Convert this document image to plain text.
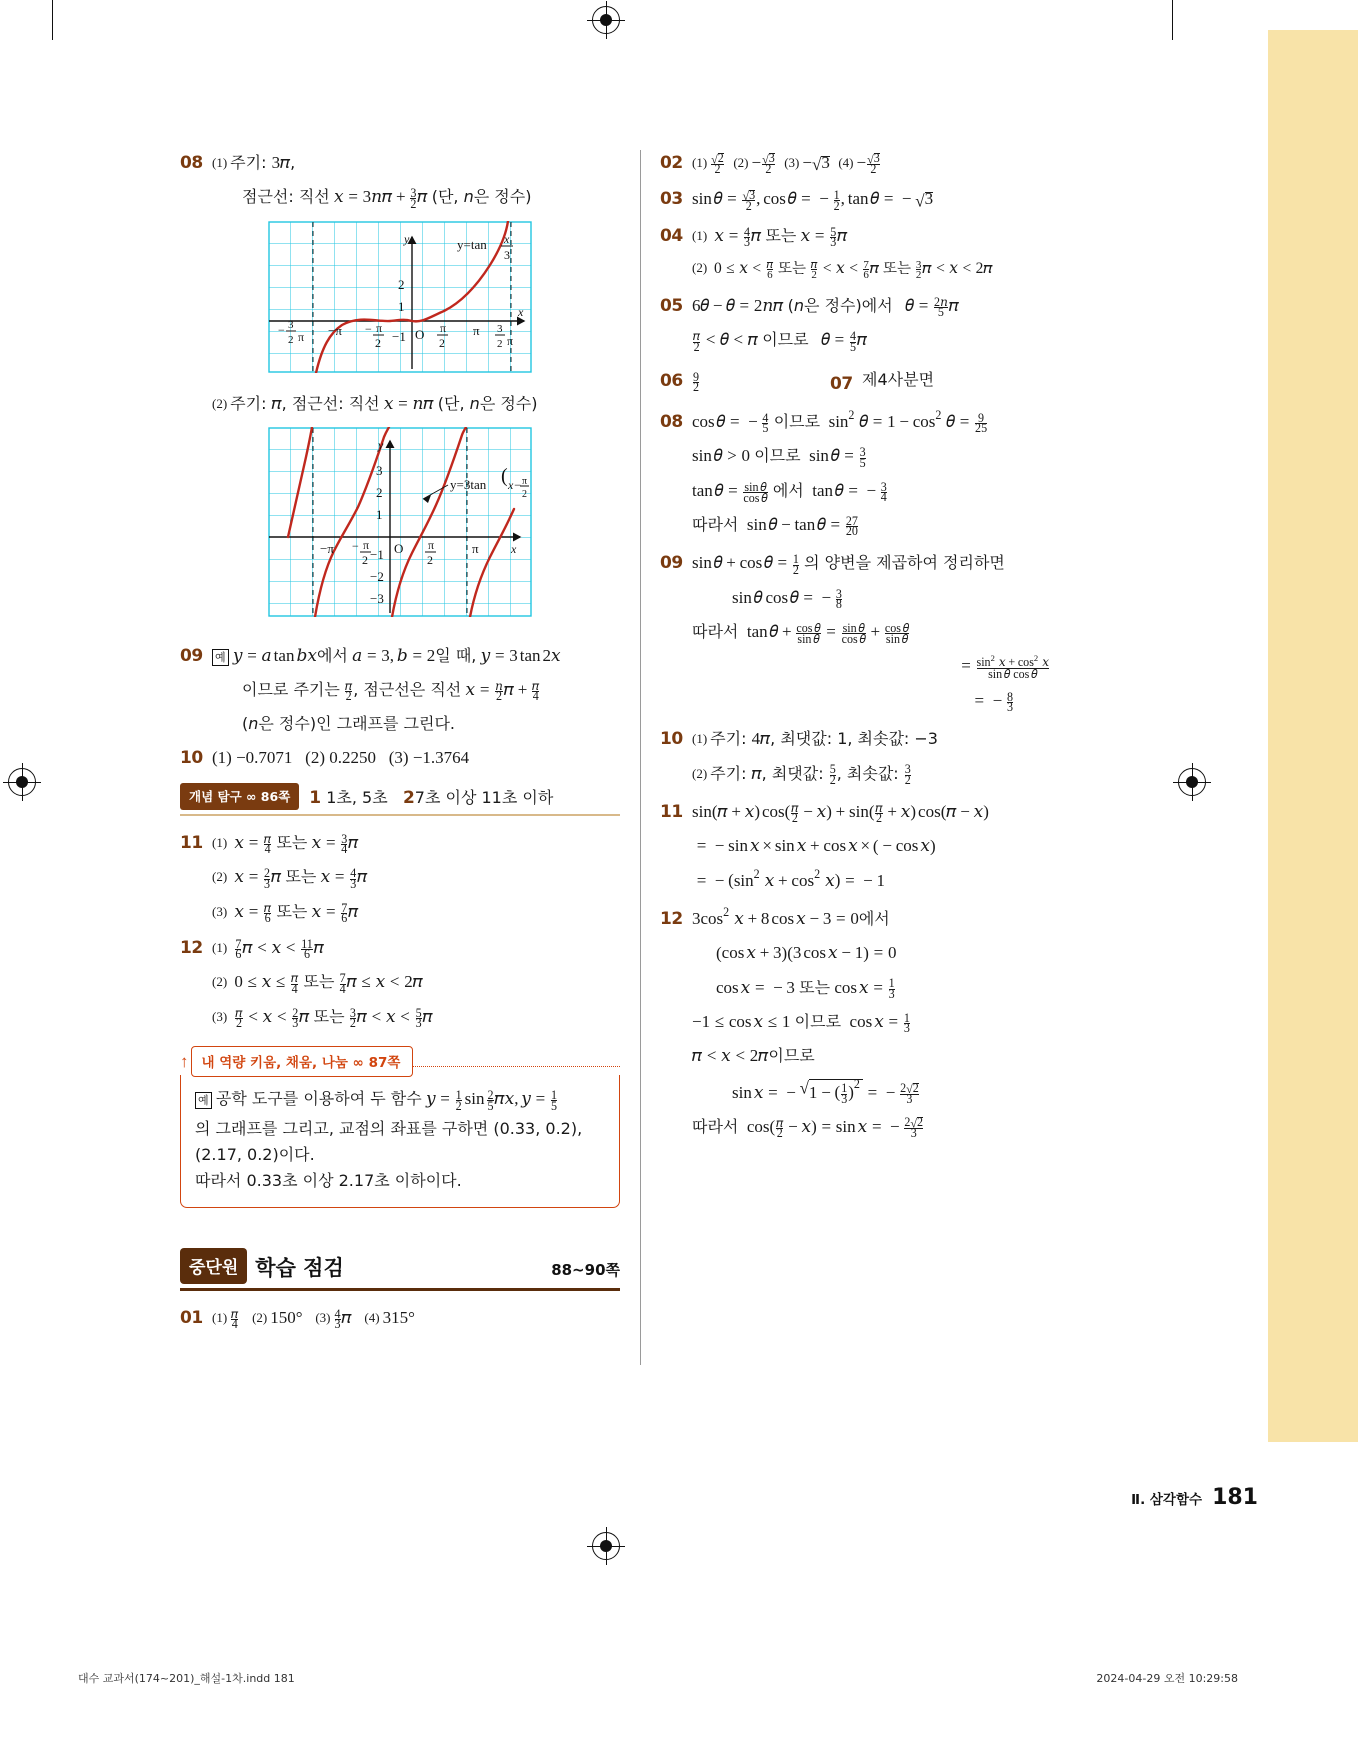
08 (1) 주기: 3 π ,
점근선: 직선 x = 3 n π + 3
2 π (단, n은 정수)
y	y=tan x
3
2
1
O
−1
− 3
2 π −π − π
2
π
2
π 3
2 π
x
(2) 주기: π , 점근선: 직선 x = n π (단, n은 정수)
y=3tan ( x− π
2
y
3
2
1
−1
−2
−3
−π − π
2
O π
2
π	x
09	예 y = a tan b x 에서 a = 3 , b = 2 일 때, y = 3 tan 2 x
이므로 주기는 π
2 , 점근선은 직선 x = n
2 π + π
4
(n은 정수)인 그래프를 그린다.
10 (1) −0.7071 (2) 0.2250 (3) −1.3764
개념 탐구 ∞ 86쪽	1 1초, 5초 27초 이상 11초 이하
11 (1) x = π
4 또는 x = 3
4 π
(2) x = 2
3 π 또는 x = 4
3 π
(3) x = π
6 또는 x = 7
6 π
12 (1) 7
6 π < x < 11
6 π
(2) 0 ≤ x ≤ π
4 또는 7
4 π ≤ x < 2 π
(3) π
2 < x < 2
3 π 또는 3
2 π < x < 5
3 π
↑ 내 역량 키움, 채움, 나눔 ∞ 87쪽
예 공학 도구를 이용하여 두 함수 y = 1
2 sin 2
5 π x , y = 1
5
의 그래프를 그리고, 교점의 좌표를 구하면 (0.33, 0.2),
(2.17, 0.2)이다.
따라서 0.33초 이상 2.17초 이하이다.
중단원 학습 점검	88~90쪽
01 (1) π
4 (2) 150 ° (3) 4
3 π (4) 315 °
02 (1) 2
2 (2) − 3
2 (3) − 3 (4) − 3
2
03 sin θ = 3
2 , cos θ = − 1
2 , tan θ = − 3
04 (1) x = 4
3 π 또는 x = 5
3 π
(2) 0 ≤ x < π
6 또는 π
2 < x < 7
6 π 또는 3
2 π < x < 2 π
05 6 θ − θ = 2 n π (n은 정수)에서 θ = 2 n
5 π
𝜋
2 < θ < π 이므로 θ = 4
5 π
06 9
2	07 제4사분면
08 cos θ = − 4
5 이므로 sin 2 θ = 1 − cos 2 θ = 9
25
sin θ > 0 이므로 sin θ = 3
5
tan θ = sin θ
cos θ 에서 tan θ = − 3
4
따라서 sin θ − tan θ = 27
20
09 sin θ + cos θ = 1
2 의 양변을 제곱하여 정리하면
sin θ cos θ = − 3
8
따라서 tan θ + cos θ
sin θ = sin θ
cos θ + cos θ
sin θ
= sin 2 x + cos 2 x
sin θ cos θ
= − 8
3
10 (1) 주기: 4 π , 최댓값: 1, 최솟값: −3
(2) 주기: π , 최댓값: 5
2 , 최솟값: 3
2
11 sin ( π + x ) cos ( π
2 − x ) + sin ( π
2 + x ) cos ( π − x )
= − sin x × sin x + cos x × ( − cos x )
= − ( sin 2 x + cos 2 x ) = − 1
12 3 cos 2 x + 8 cos x − 3 = 0 에서
( cos x + 3 ) ( 3 cos x − 1 ) = 0
cos x = − 3 또는 cos x = 1
3
− 1 ≤ cos x ≤ 1 이므로 cos x = 1
3
𝜋 < x < 2 π 이므로
sin x = − 1 − ( 1
3 )
2 = − 2 2
3
따라서 cos ( π
2 − x ) = sin x = − 2 2
3
Ⅱ. 삼각함수 181
대수 교과서(174~201)_해설-1차.indd 181	2024-04-29 오전 10:29:58
